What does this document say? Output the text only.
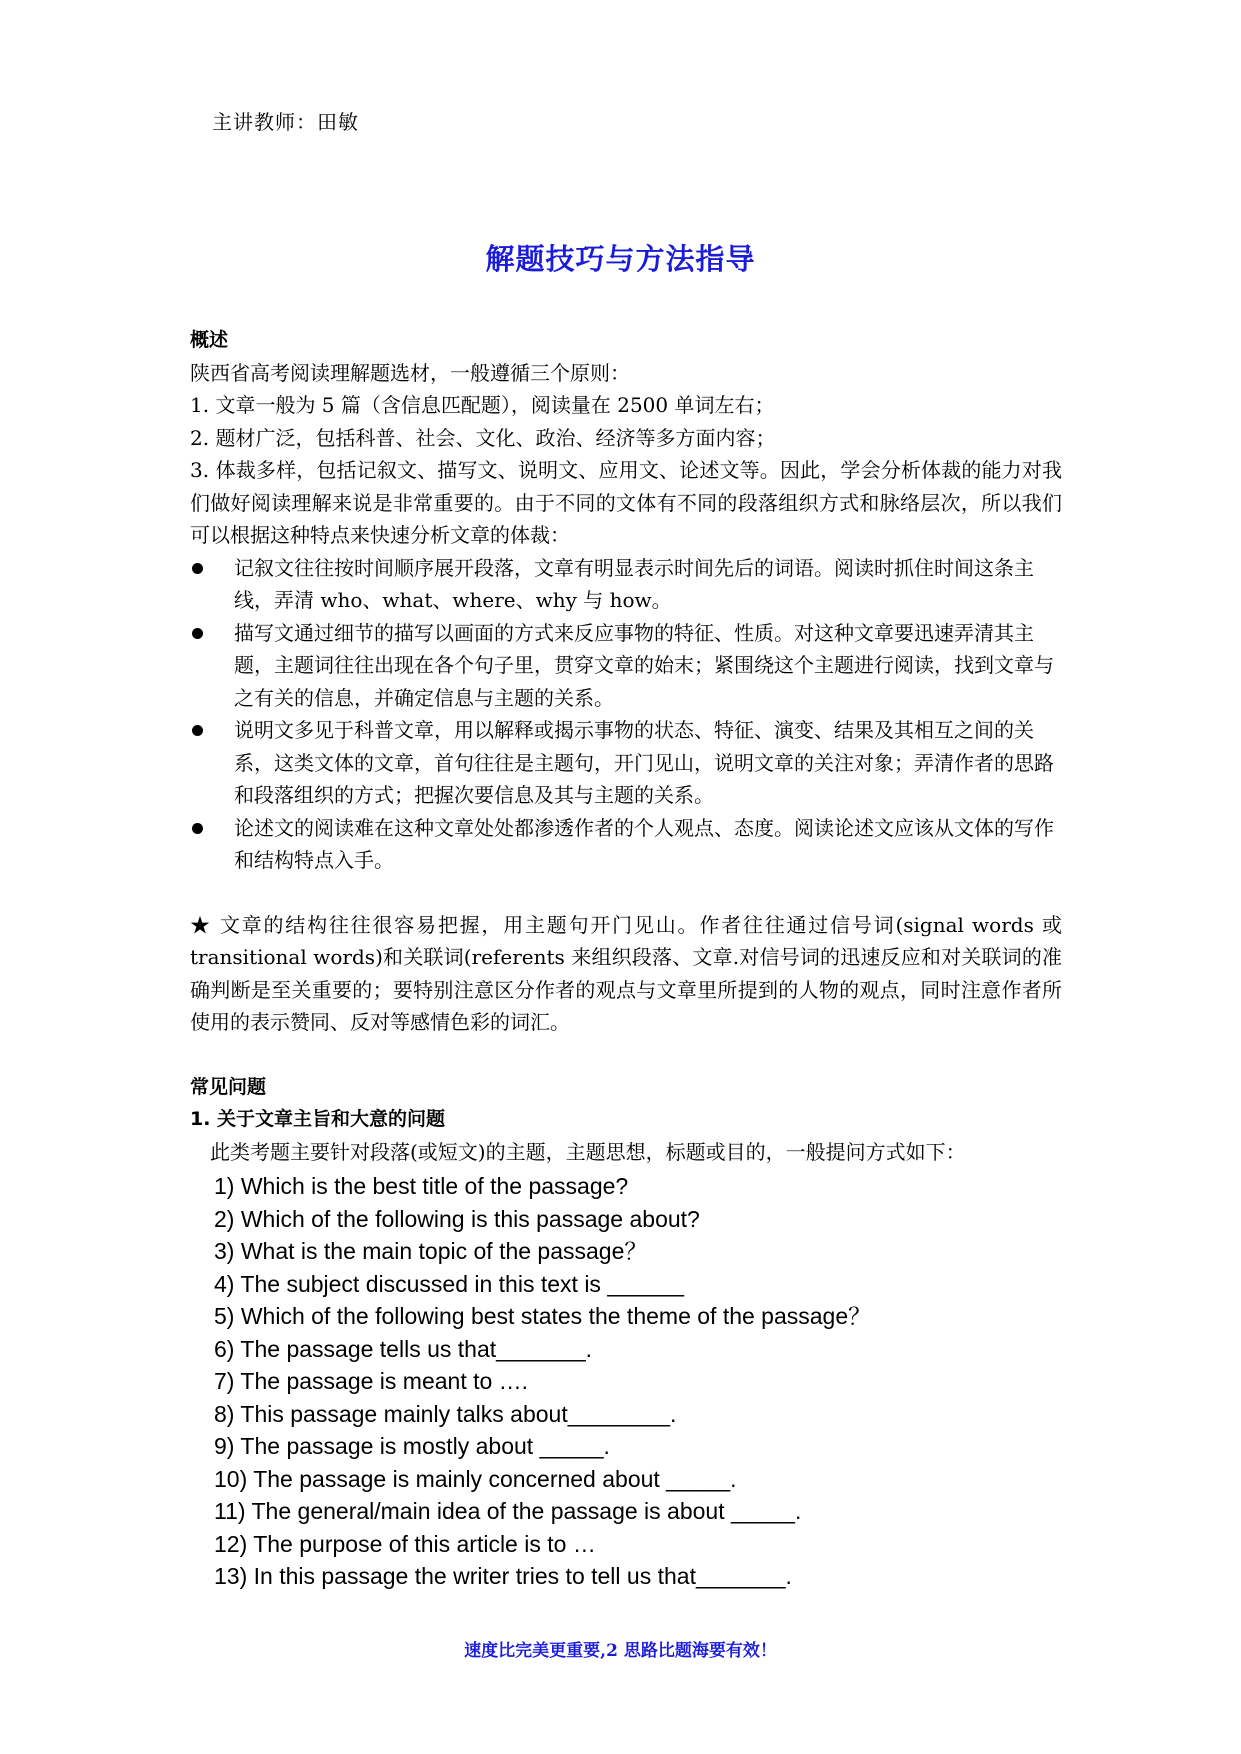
主讲教师：田敏
解题技巧与方法指导
概述
陕西省高考阅读理解题选材，一般遵循三个原则：
1. 文章一般为 5 篇（含信息匹配题），阅读量在 2500 单词左右；
2. 题材广泛，包括科普、社会、文化、政治、经济等多方面内容；
3. 体裁多样，包括记叙文、描写文、说明文、应用文、论述文等。因此，学会分析体裁的能力对我们做好阅读理解来说是非常重要的。由于不同的文体有不同的段落组织方式和脉络层次，所以我们可以根据这种特点来快速分析文章的体裁：
记叙文往往按时间顺序展开段落，文章有明显表示时间先后的词语。阅读时抓住时间这条主线，弄清 who、what、where、why 与 how。
描写文通过细节的描写以画面的方式来反应事物的特征、性质。对这种文章要迅速弄清其主题，主题词往往出现在各个句子里，贯穿文章的始末；紧围绕这个主题进行阅读，找到文章与之有关的信息，并确定信息与主题的关系。
说明文多见于科普文章，用以解释或揭示事物的状态、特征、演变、结果及其相互之间的关系，这类文体的文章，首句往往是主题句，开门见山，说明文章的关注对象；弄清作者的思路和段落组织的方式；把握次要信息及其与主题的关系。
论述文的阅读难在这种文章处处都渗透作者的个人观点、态度。阅读论述文应该从文体的写作和结构特点入手。
★ 文章的结构往往很容易把握，用主题句开门见山。作者往往通过信号词(signal words 或 transitional words)和关联词(referents 来组织段落、文章.对信号词的迅速反应和对关联词的准确判断是至关重要的；要特别注意区分作者的观点与文章里所提到的人物的观点，同时注意作者所使用的表示赞同、反对等感情色彩的词汇。
常见问题
1. 关于文章主旨和大意的问题
此类考题主要针对段落(或短文)的主题，主题思想，标题或目的，一般提问方式如下：
1) Which is the best title of the passage?
2) Which of the following is this passage about?
3) What is the main topic of the passage？
4) The subject discussed in this text is ______
5) Which of the following best states the theme of the passage？
6) The passage tells us that_______.
7) The passage is meant to ….
8) This passage mainly talks about________.
9) The passage is mostly about _____.
10) The passage is mainly concerned about _____.
11) The general/main idea of the passage is about _____.
12) The purpose of this article is to …
13) In this passage the writer tries to tell us that_______.
速度比完美更重要,2 思路比题海要有效！
